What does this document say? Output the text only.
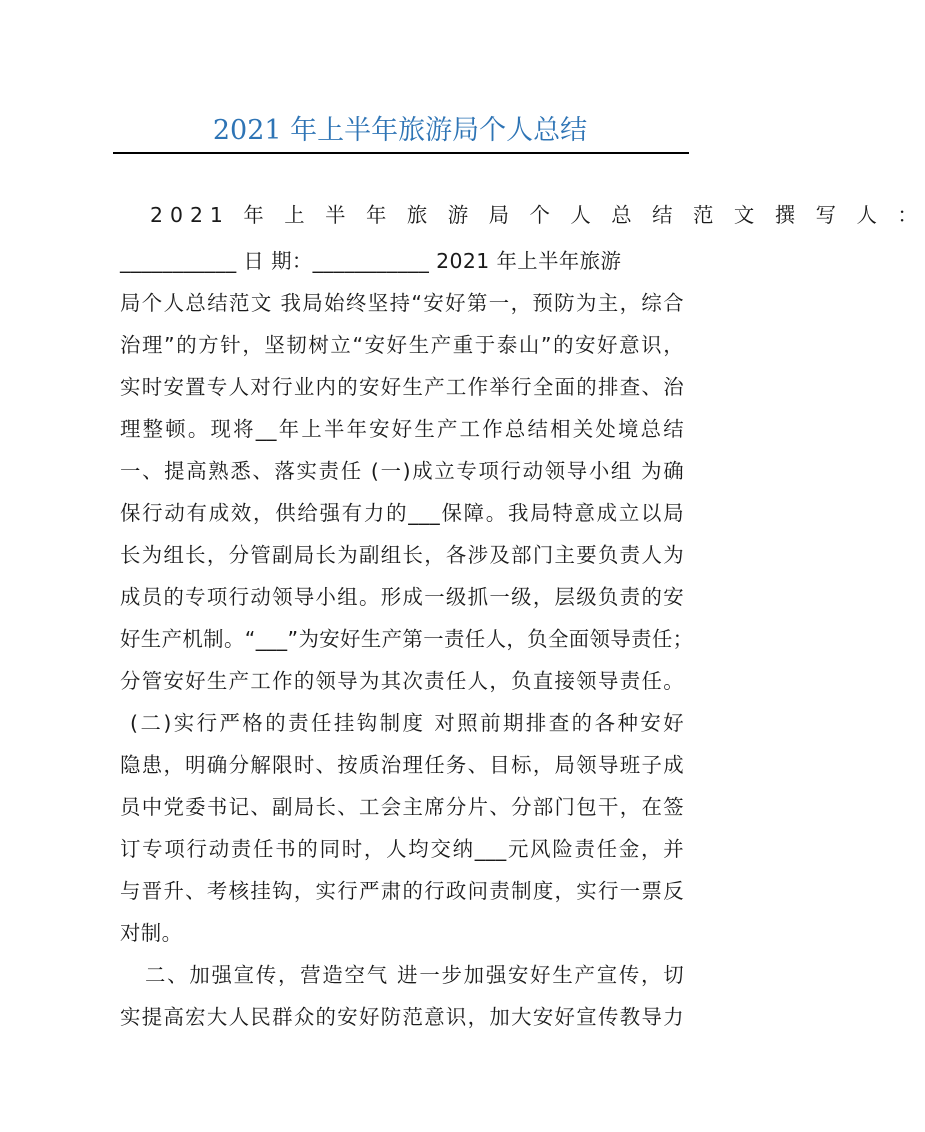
2021 年上半年旅游局个人总结
2021 年 上 半 年 旅 游 局 个 人 总 结 范 文 撰 写 人 ：
___________ 日 期：___________ 2021 年上半年旅游
局个人总结范文 我局始终坚持“安好第一，预防为主，综合
治理”的方针，坚韧树立“安好生产重于泰山”的安好意识，
实时安置专人对行业内的安好生产工作举行全面的排查、治
理整顿。现将__年上半年安好生产工作总结相关处境总结
一、提高熟悉、落实责任 (一)成立专项行动领导小组 为确
保行动有成效，供给强有力的___保障。我局特意成立以局
长为组长，分管副局长为副组长，各涉及部门主要负责人为
成员的专项行动领导小组。形成一级抓一级，层级负责的安
好生产机制。“___”为安好生产第一责任人，负全面领导责任；
分管安好生产工作的领导为其次责任人，负直接领导责任。
(二)实行严格的责任挂钩制度 对照前期排查的各种安好
隐患，明确分解限时、按质治理任务、目标，局领导班子成
员中党委书记、副局长、工会主席分片、分部门包干，在签
订专项行动责任书的同时，人均交纳___元风险责任金，并
与晋升、考核挂钩，实行严肃的行政问责制度，实行一票反
对制。
二、加强宣传，营造空气 进一步加强安好生产宣传，切
实提高宏大人民群众的安好防范意识，加大安好宣传教导力
